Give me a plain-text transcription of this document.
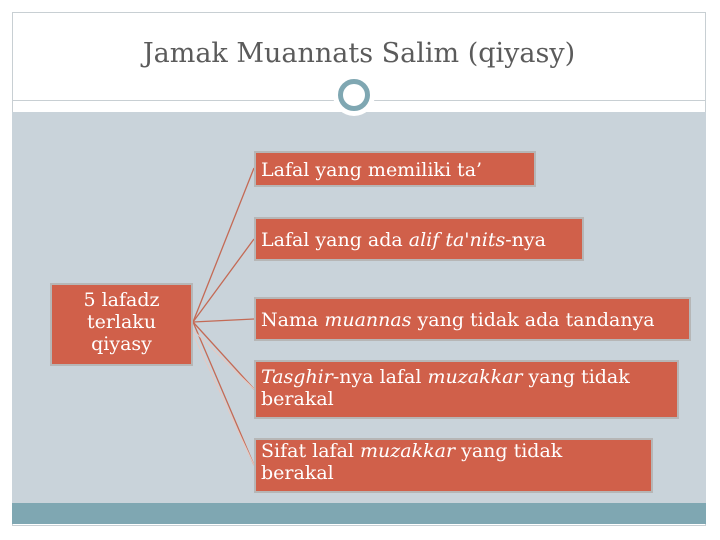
Jamak Muannats Salim (qiyasy)
5 lafadz
terlaku
qiyasy
Lafal yang memiliki ta’
Lafal yang ada alif ta'nits-nya
Nama muannas yang tidak ada tandanya
Tasghir-nya lafal muzakkar yang tidak
berakal
Sifat lafal muzakkar yang tidak
berakal
